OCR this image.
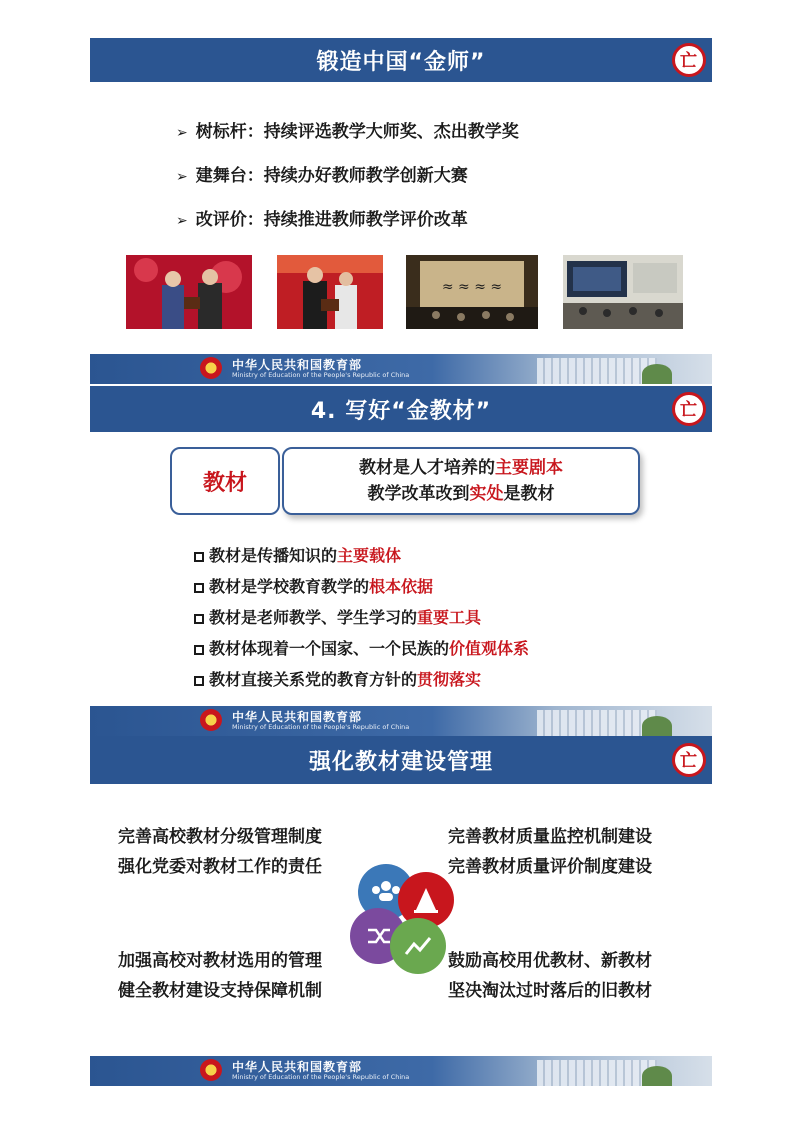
锻造中国“金师”	亡
➢ 树标杆：持续评选教学大师奖、杰出教学奖
➢ 建舞台：持续办好教师教学创新大赛
➢ 改评价：持续推进教师教学评价改革
≈ ≈ ≈ ≈
中华人民共和国教育部
Ministry of Education of the People's Republic of China
4. 写好“金教材”	亡
教材
教材是人才培养的主要剧本
教学改革改到实处是教材
教材是传播知识的主要载体
教材是学校教育教学的根本依据
教材是老师教学、学生学习的重要工具
教材体现着一个国家、一个民族的价值观体系
教材直接关系党的教育方针的贯彻落实
中华人民共和国教育部
Ministry of Education of the People's Republic of China
强化教材建设管理	亡
完善高校教材分级管理制度
强化党委对教材工作的责任
完善教材质量监控机制建设
完善教材质量评价制度建设
加强高校对教材选用的管理
健全教材建设支持保障机制
鼓励高校用优教材、新教材
坚决淘汰过时落后的旧教材
中华人民共和国教育部
Ministry of Education of the People's Republic of China
